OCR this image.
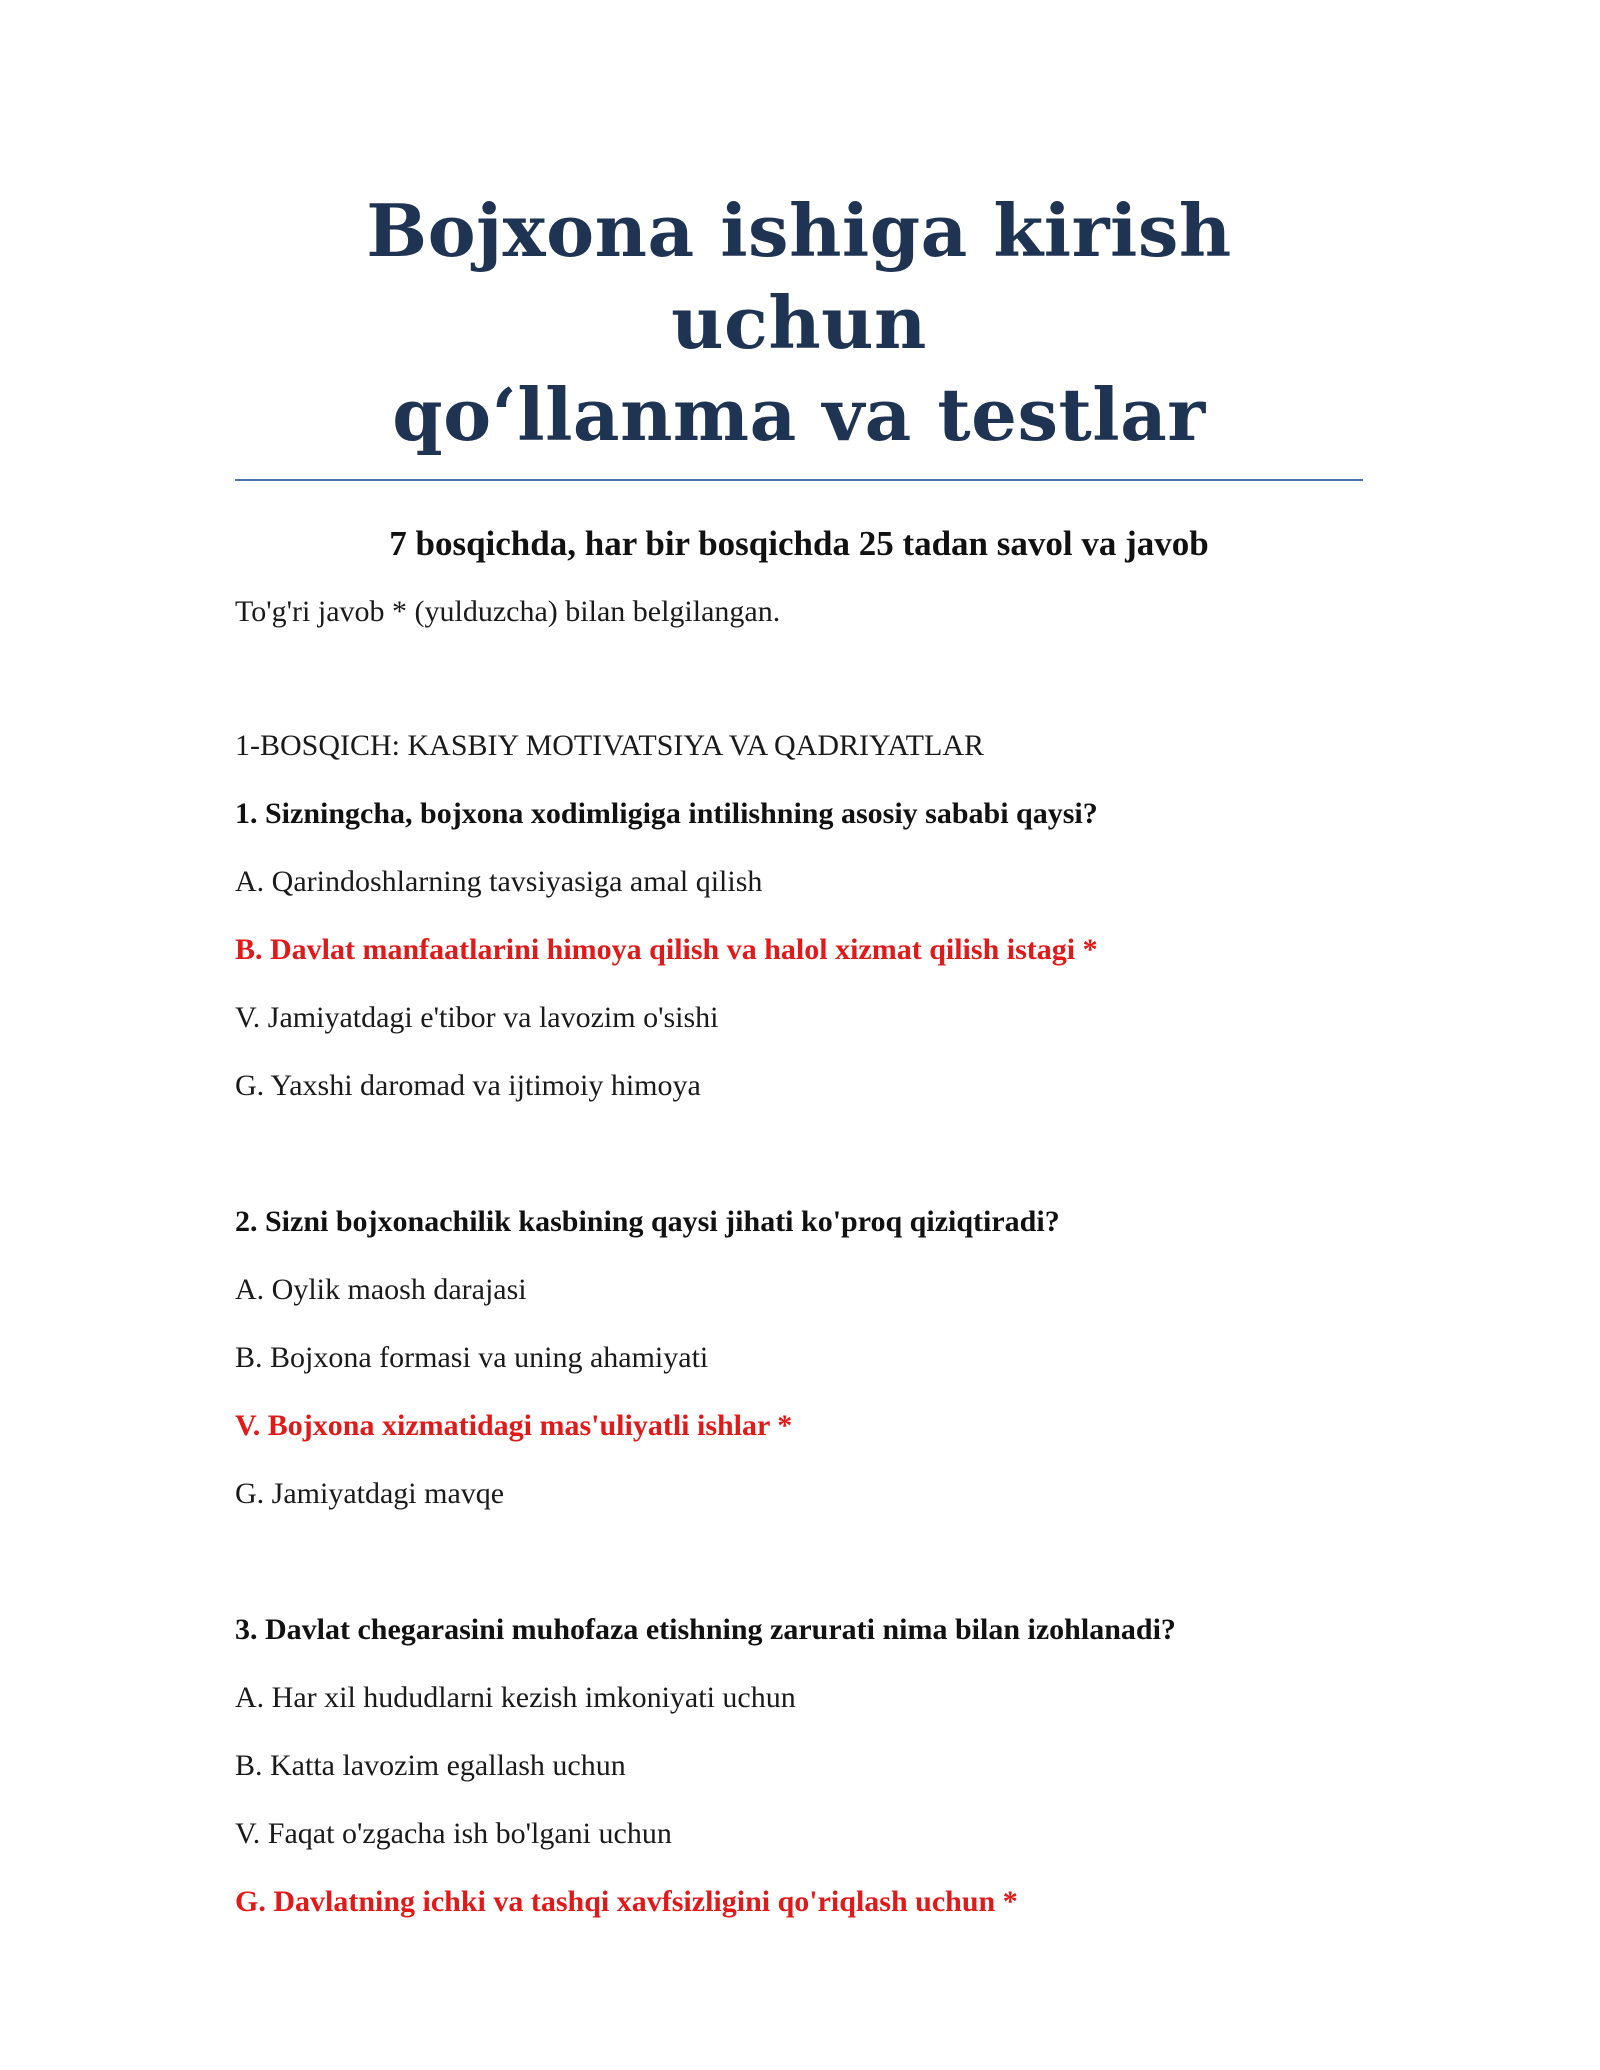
Bojxona ishiga kirish uchun
qo‘llanma va testlar

7 bosqichda, har bir bosqichda 25 tadan savol va javob

To'g'ri javob * (yulduzcha) bilan belgilangan.

1-BOSQICH: KASBIY MOTIVATSIYA VA QADRIYATLAR

1. Sizningcha, bojxona xodimligiga intilishning asosiy sababi qaysi?

A. Qarindoshlarning tavsiyasiga amal qilish

B. Davlat manfaatlarini himoya qilish va halol xizmat qilish istagi *

V. Jamiyatdagi e'tibor va lavozim o'sishi

G. Yaxshi daromad va ijtimoiy himoya

2. Sizni bojxonachilik kasbining qaysi jihati ko'proq qiziqtiradi?

A. Oylik maosh darajasi

B. Bojxona formasi va uning ahamiyati

V. Bojxona xizmatidagi mas'uliyatli ishlar *

G. Jamiyatdagi mavqe

3. Davlat chegarasini muhofaza etishning zarurati nima bilan izohlanadi?

A. Har xil hududlarni kezish imkoniyati uchun

B. Katta lavozim egallash uchun

V. Faqat o'zgacha ish bo'lgani uchun

G. Davlatning ichki va tashqi xavfsizligini qo'riqlash uchun *
